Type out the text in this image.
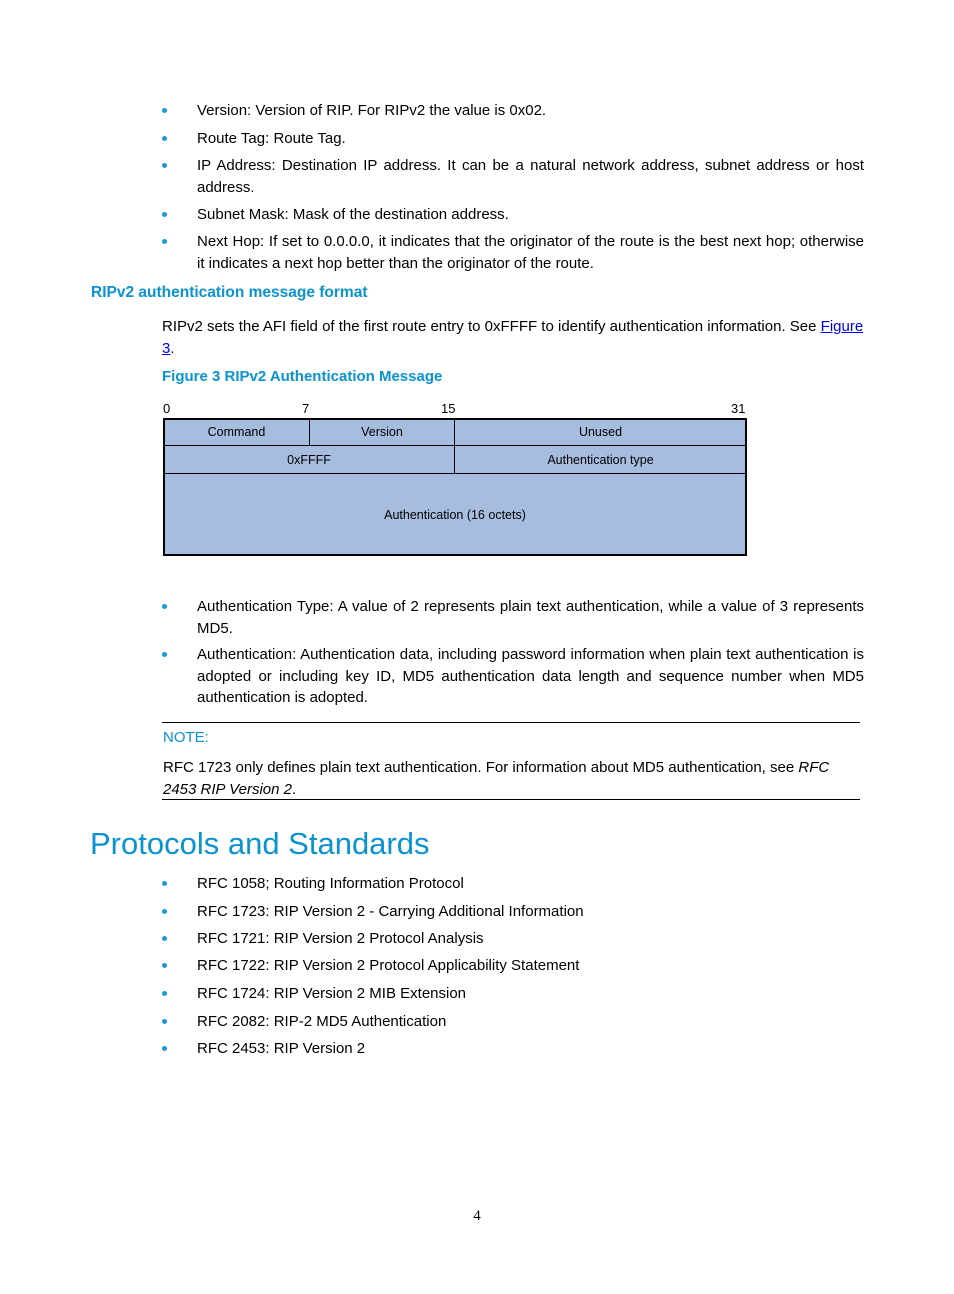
Version: Version of RIP. For RIPv2 the value is 0x02.
Route Tag: Route Tag.
IP Address: Destination IP address. It can be a natural network address, subnet address or host address.
Subnet Mask: Mask of the destination address.
Next Hop: If set to 0.0.0.0, it indicates that the originator of the route is the best next hop; otherwise it indicates a next hop better than the originator of the route.
RIPv2 authentication message format
RIPv2 sets the AFI field of the first route entry to 0xFFFF to identify authentication information. See Figure 3.
Figure 3 RIPv2 Authentication Message
0	7	15	31
Command	Version	Unused
0xFFFF	Authentication type
Authentication (16 octets)
Authentication Type: A value of 2 represents plain text authentication, while a value of 3 represents MD5.
Authentication: Authentication data, including password information when plain text authentication is adopted or including key ID, MD5 authentication data length and sequence number when MD5 authentication is adopted.
NOTE:
RFC 1723 only defines plain text authentication. For information about MD5 authentication, see RFC 2453 RIP Version 2.
Protocols and Standards
RFC 1058; Routing Information Protocol
RFC 1723: RIP Version 2 - Carrying Additional Information
RFC 1721: RIP Version 2 Protocol Analysis
RFC 1722: RIP Version 2 Protocol Applicability Statement
RFC 1724: RIP Version 2 MIB Extension
RFC 2082: RIP-2 MD5 Authentication
RFC 2453: RIP Version 2
4
